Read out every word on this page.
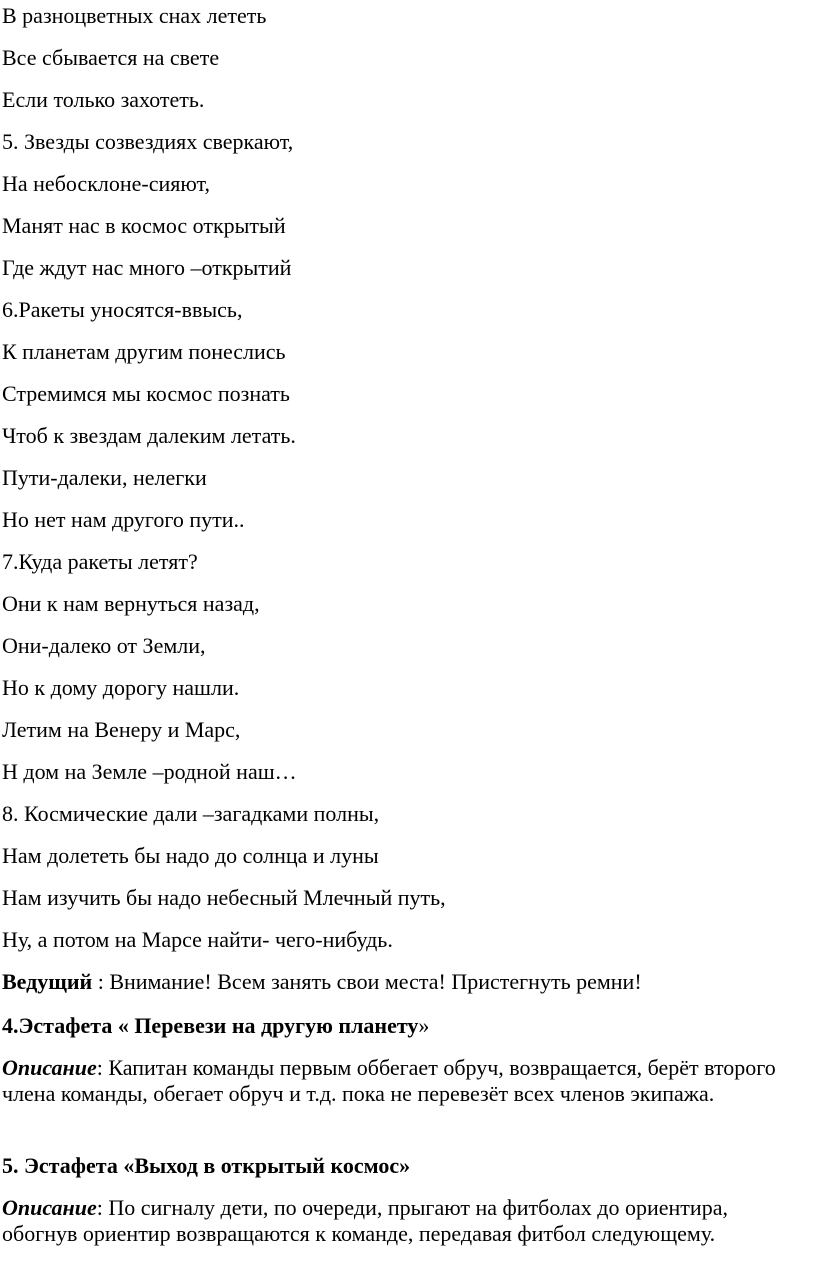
В разноцветных снах лететь
Все сбывается на свете
Если только захотеть.
5. Звезды созвездиях сверкают,
На небосклоне-сияют,
Манят нас в космос открытый
Где ждут нас много –открытий
6.Ракеты уносятся-ввысь,
К планетам другим понеслись
Стремимся мы космос познать
Чтоб к звездам далеким летать.
Пути-далеки, нелегки
Но нет нам другого пути..
7.Куда ракеты летят?
Они к нам вернуться назад,
Они-далеко от Земли,
Но к дому дорогу нашли.
Летим на Венеру и Марс,
Н дом на Земле –родной наш…
8. Космические дали –загадками полны,
Нам долететь бы надо до солнца и луны
Нам изучить бы надо небесный Млечный путь,
Ну, а потом на Марсе найти- чего-нибудь.
Ведущий : Внимание! Всем занять свои места! Пристегнуть ремни!
4.Эстафета « Перевези на другую планету»
Описание: Капитан команды первым оббегает обруч, возвращается, берёт второго члена команды, обегает обруч и т.д. пока не перевезёт всех членов экипажа.
5. Эстафета «Выход в открытый космос»
Описание: По сигналу дети, по очереди, прыгают на фитболах до ориентира, обогнув ориентир возвращаются к команде, передавая фитбол следующему.
